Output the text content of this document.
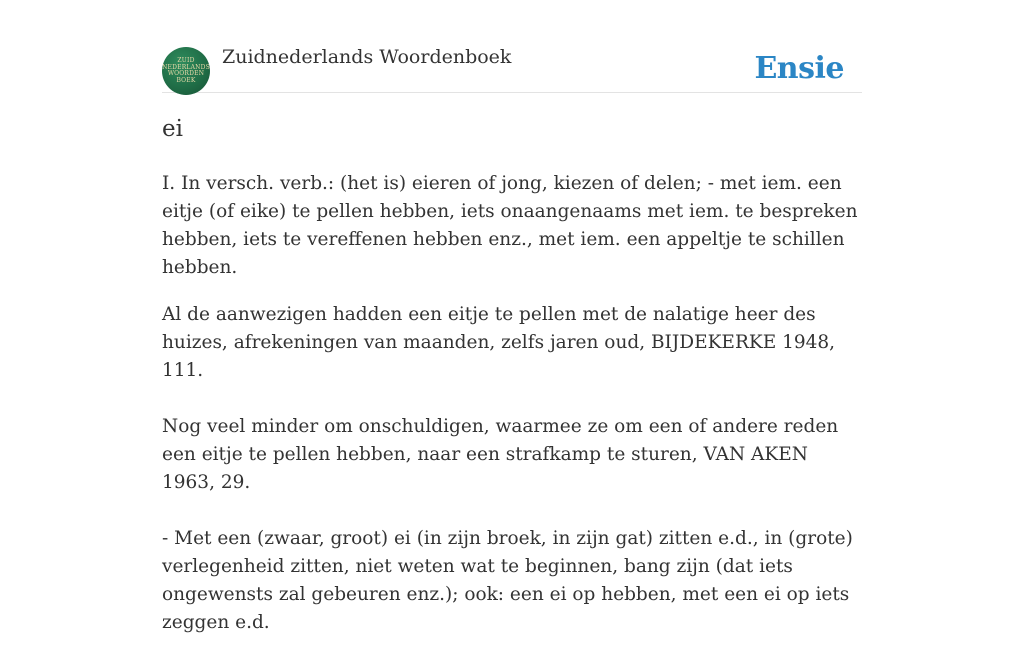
ZUID
NEDERLANDS
WOORDEN
BOEK
Zuidnederlands Woordenboek	Ensie
ei

I. In versch. verb.: (het is) eieren of jong, kiezen of delen; - met iem. een eitje (of eike) te pellen hebben, iets onaangenaams met iem. te bespreken hebben, iets te vereffenen hebben enz., met iem. een appeltje te schillen hebben.

Al de aanwezigen hadden een eitje te pellen met de nalatige heer des huizes, afrekeningen van maanden, zelfs jaren oud, BIJDEKERKE 1948, 111.

Nog veel minder om onschuldigen, waarmee ze om een of andere reden een eitje te pellen hebben, naar een strafkamp te sturen, VAN AKEN 1963, 29.

- Met een (zwaar, groot) ei (in zijn broek, in zijn gat) zitten e.d., in (grote) verlegenheid zitten, niet weten wat te beginnen, bang zijn (dat iets ongewensts zal gebeuren enz.); ook: een ei op hebben, met een ei op iets zeggen e.d.
